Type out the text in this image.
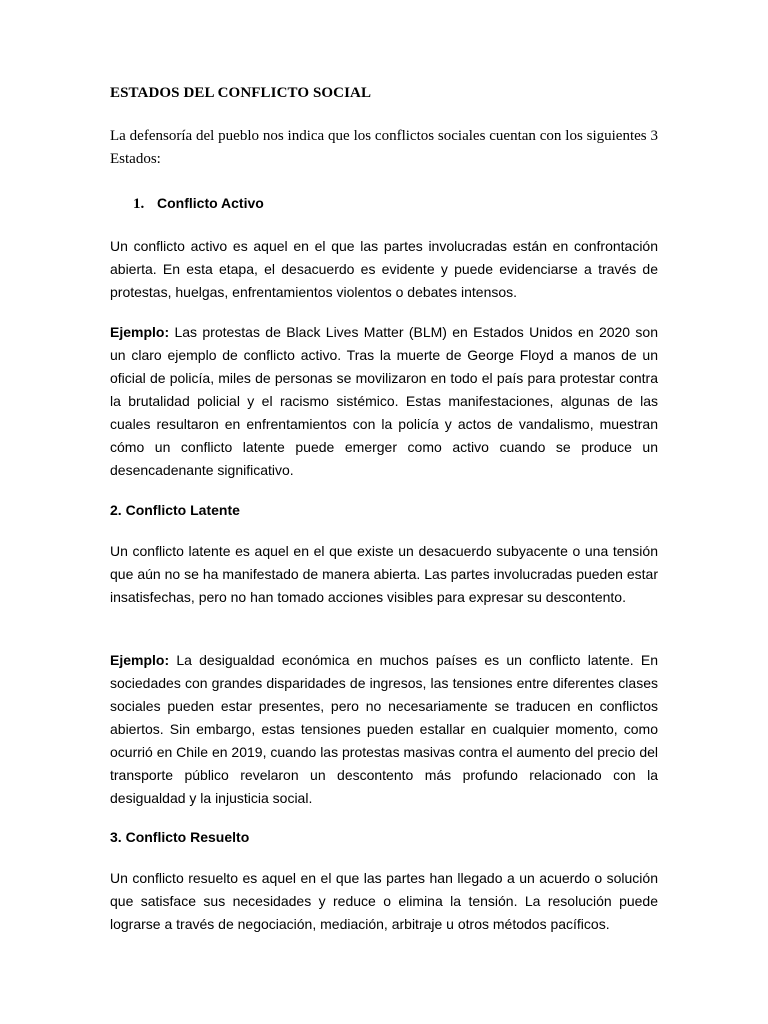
ESTADOS DEL CONFLICTO SOCIAL

La defensoría del pueblo nos indica que los conflictos sociales cuentan con los siguientes 3 Estados:

1. Conflicto Activo

Un conflicto activo es aquel en el que las partes involucradas están en confrontación abierta. En esta etapa, el desacuerdo es evidente y puede evidenciarse a través de protestas, huelgas, enfrentamientos violentos o debates intensos.

Ejemplo: Las protestas de Black Lives Matter (BLM) en Estados Unidos en 2020 son un claro ejemplo de conflicto activo. Tras la muerte de George Floyd a manos de un oficial de policía, miles de personas se movilizaron en todo el país para protestar contra la brutalidad policial y el racismo sistémico. Estas manifestaciones, algunas de las cuales resultaron en enfrentamientos con la policía y actos de vandalismo, muestran cómo un conflicto latente puede emerger como activo cuando se produce un desencadenante significativo.

2. Conflicto Latente

Un conflicto latente es aquel en el que existe un desacuerdo subyacente o una tensión que aún no se ha manifestado de manera abierta. Las partes involucradas pueden estar insatisfechas, pero no han tomado acciones visibles para expresar su descontento.

Ejemplo: La desigualdad económica en muchos países es un conflicto latente. En sociedades con grandes disparidades de ingresos, las tensiones entre diferentes clases sociales pueden estar presentes, pero no necesariamente se traducen en conflictos abiertos. Sin embargo, estas tensiones pueden estallar en cualquier momento, como ocurrió en Chile en 2019, cuando las protestas masivas contra el aumento del precio del transporte público revelaron un descontento más profundo relacionado con la desigualdad y la injusticia social.

3. Conflicto Resuelto

Un conflicto resuelto es aquel en el que las partes han llegado a un acuerdo o solución que satisface sus necesidades y reduce o elimina la tensión. La resolución puede lograrse a través de negociación, mediación, arbitraje u otros métodos pacíficos.
